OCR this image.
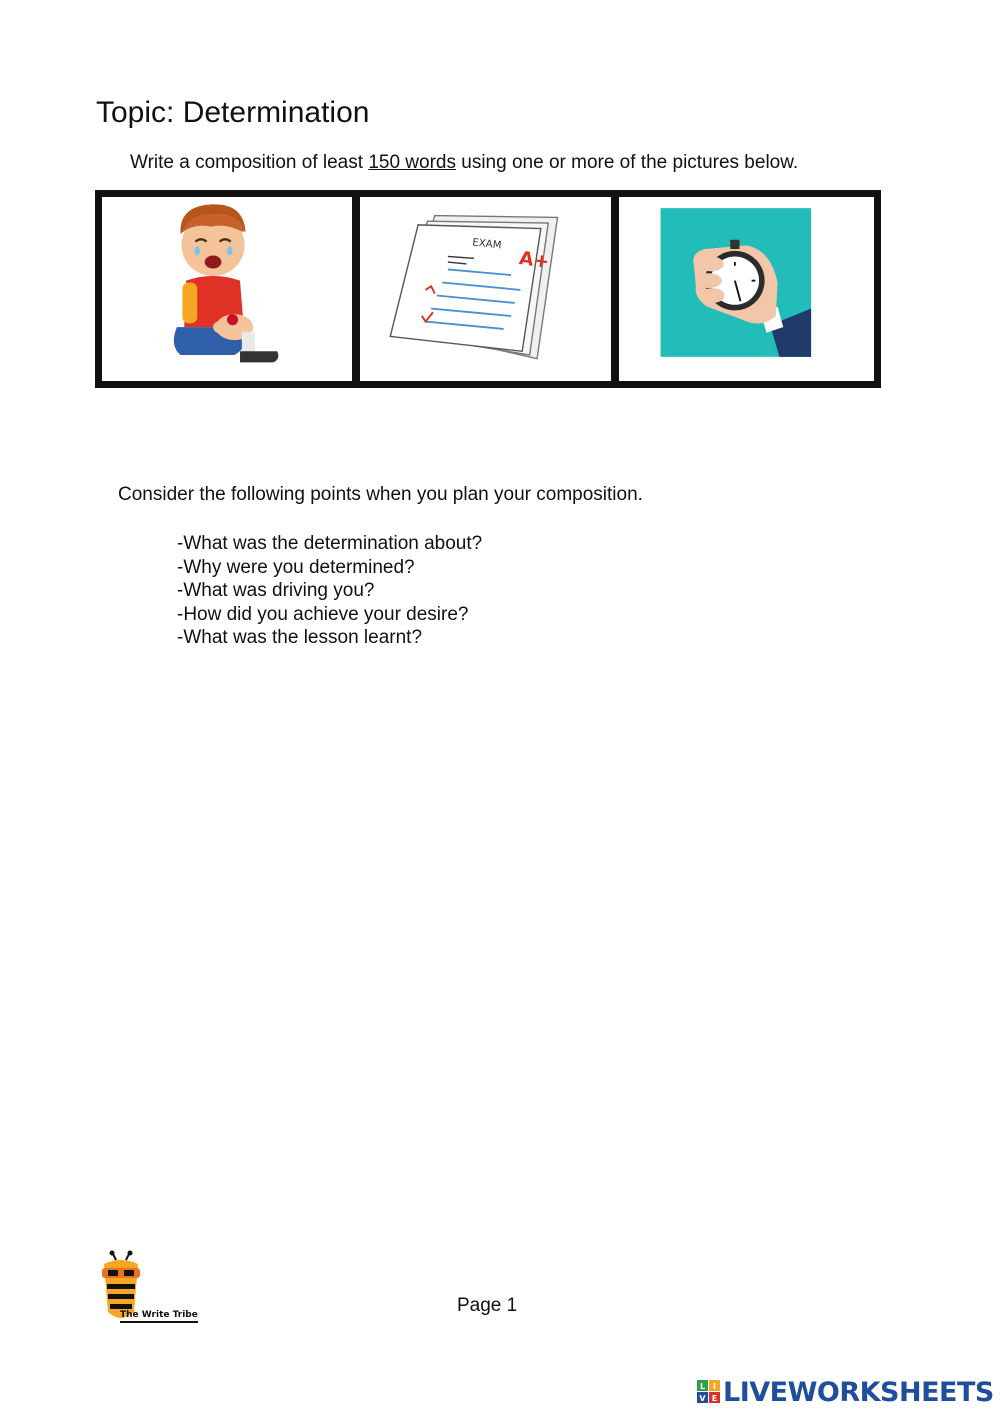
Topic: Determination
Write a composition of least 150 words using one or more of the pictures below.
EXAM
A+
Consider the following points when you plan your composition.
-What was the determination about?
-Why were you determined?
-What was driving you?
-How did you achieve your desire?
-What was the lesson learnt?
The Write Tribe	Page 1
L I
V E LIVEWORKSHEETS
